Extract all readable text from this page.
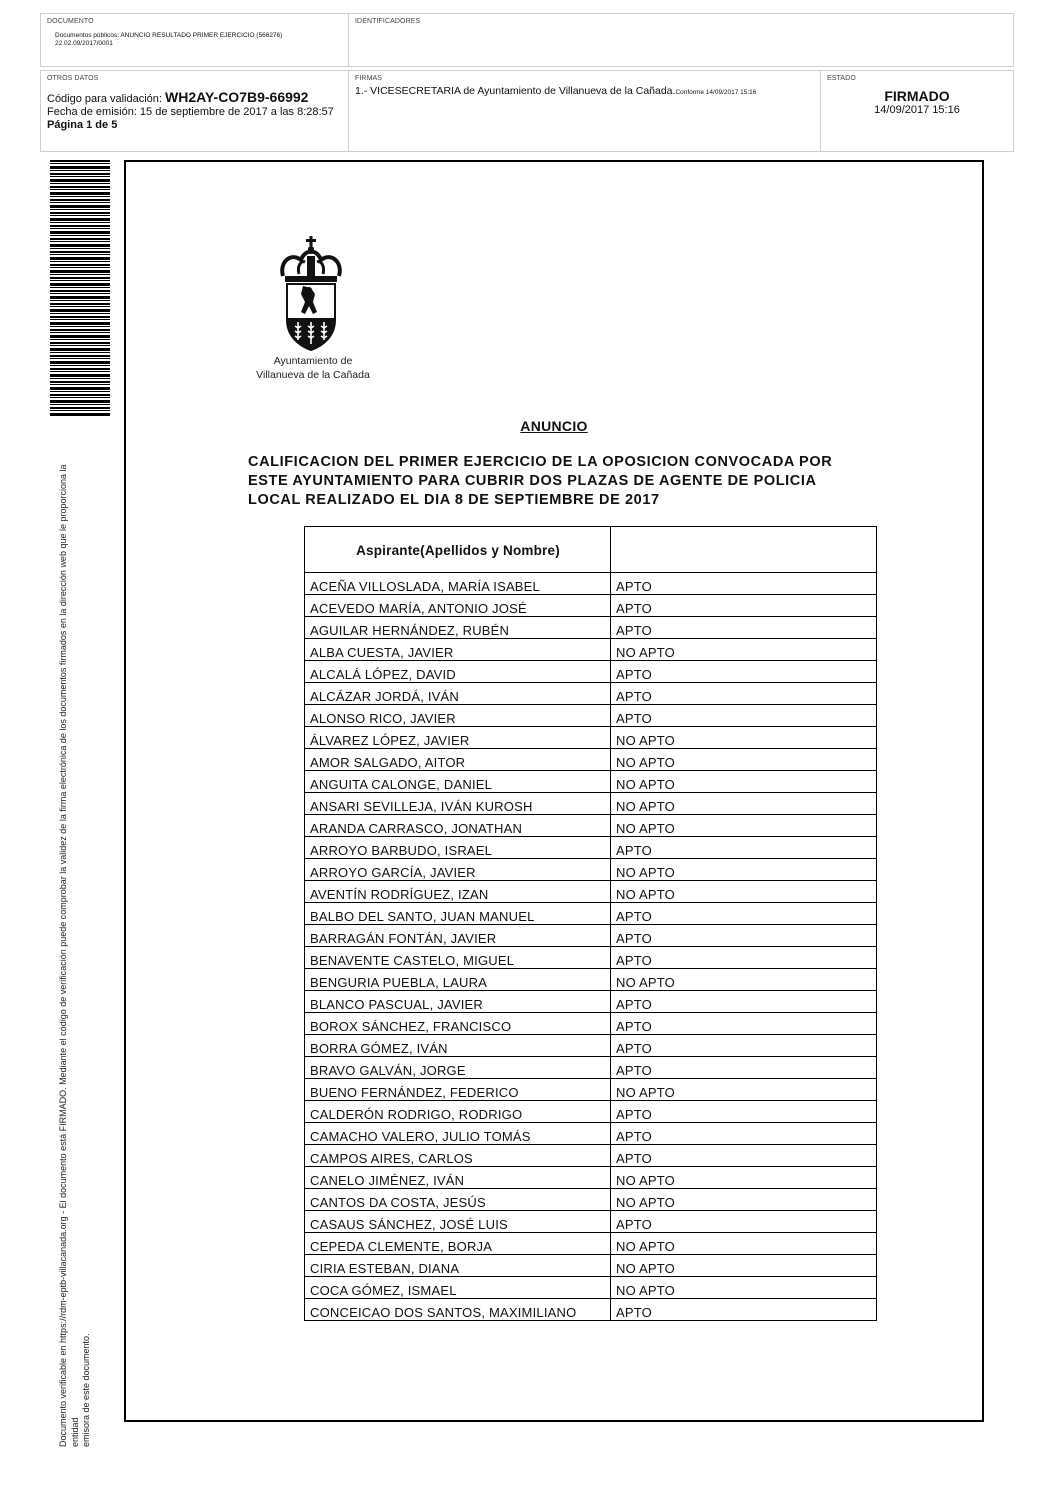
DOCUMENTO
Documentos públicos: ANUNCIO RESULTADO PRIMER EJERCICIO (566276)
22.02.09/2017/0001
IDENTIFICADORES
OTROS DATOS
Código para validación: WH2AY-CO7B9-66992
Fecha de emisión: 15 de septiembre de 2017 a las 8:28:57
Página 1 de 5
FIRMAS
1.- VICESECRETARIA de Ayuntamiento de Villanueva de la Cañada.Conforme 14/09/2017 15:16
ESTADO
FIRMADO
14/09/2017 15:16
Documento verificable en https://rdm-eptb-villacanada.org - El documento está FIRMADO. Mediante el código de verificación puede comprobar la validez de la firma electrónica de los documentos firmados en la dirección web que le proporciona la entidad emisora de este documento.
Ayuntamiento de
Villanueva de la Cañada
ANUNCIO
CALIFICACION DEL PRIMER EJERCICIO DE LA OPOSICION CONVOCADA POR
ESTE AYUNTAMIENTO PARA CUBRIR DOS PLAZAS DE AGENTE DE POLICIA
LOCAL REALIZADO EL DIA 8 DE SEPTIEMBRE DE 2017
Aspirante(Apellidos y Nombre)	
ACEÑA VILLOSLADA, MARÍA ISABEL	APTO
ACEVEDO MARÍA, ANTONIO JOSÉ	APTO
AGUILAR HERNÁNDEZ, RUBÉN	APTO
ALBA CUESTA, JAVIER	NO APTO
ALCALÁ LÓPEZ, DAVID	APTO
ALCÁZAR JORDÁ, IVÁN	APTO
ALONSO RICO, JAVIER	APTO
ÁLVAREZ LÓPEZ, JAVIER	NO APTO
AMOR SALGADO, AITOR	NO APTO
ANGUITA CALONGE, DANIEL	NO APTO
ANSARI SEVILLEJA, IVÁN KUROSH	NO APTO
ARANDA CARRASCO, JONATHAN	NO APTO
ARROYO BARBUDO, ISRAEL	APTO
ARROYO GARCÍA, JAVIER	NO APTO
AVENTÍN RODRÍGUEZ, IZAN	NO APTO
BALBO DEL SANTO, JUAN MANUEL	APTO
BARRAGÁN FONTÁN, JAVIER	APTO
BENAVENTE CASTELO, MIGUEL	APTO
BENGURIA PUEBLA, LAURA	NO APTO
BLANCO PASCUAL, JAVIER	APTO
BOROX SÁNCHEZ, FRANCISCO	APTO
BORRA GÓMEZ, IVÁN	APTO
BRAVO GALVÁN, JORGE	APTO
BUENO FERNÁNDEZ, FEDERICO	NO APTO
CALDERÓN RODRIGO, RODRIGO	APTO
CAMACHO VALERO, JULIO TOMÁS	APTO
CAMPOS AIRES, CARLOS	APTO
CANELO JIMÉNEZ, IVÁN	NO APTO
CANTOS DA COSTA, JESÚS	NO APTO
CASAUS SÁNCHEZ, JOSÉ LUIS	APTO
CEPEDA CLEMENTE, BORJA	NO APTO
CIRIA ESTEBAN, DIANA	NO APTO
COCA GÓMEZ, ISMAEL	NO APTO
CONCEICAO DOS SANTOS, MAXIMILIANO	APTO
